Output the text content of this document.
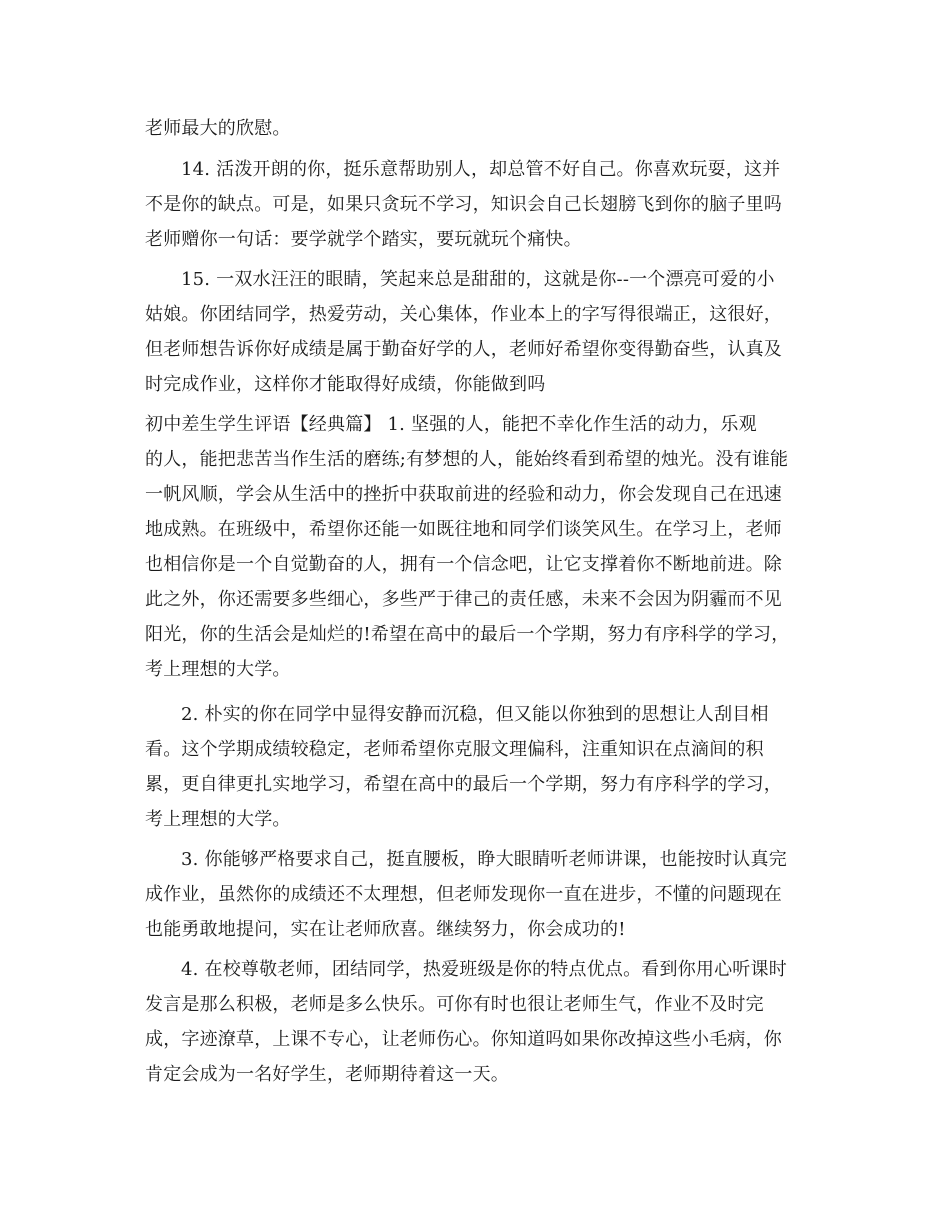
老师最大的欣慰。
14. 活泼开朗的你，挺乐意帮助别人，却总管不好自己。你喜欢玩耍，这并
不是你的缺点。可是，如果只贪玩不学习，知识会自己长翅膀飞到你的脑子里吗
老师赠你一句话：要学就学个踏实，要玩就玩个痛快。
15. 一双水汪汪的眼睛，笑起来总是甜甜的，这就是你--一个漂亮可爱的小
姑娘。你团结同学，热爱劳动，关心集体，作业本上的字写得很端正，这很好，
但老师想告诉你好成绩是属于勤奋好学的人，老师好希望你变得勤奋些，认真及
时完成作业，这样你才能取得好成绩，你能做到吗
初中差生学生评语【经典篇】 1. 坚强的人，能把不幸化作生活的动力，乐观
的人，能把悲苦当作生活的磨练;有梦想的人，能始终看到希望的烛光。没有谁能
一帆风顺，学会从生活中的挫折中获取前进的经验和动力，你会发现自己在迅速
地成熟。在班级中，希望你还能一如既往地和同学们谈笑风生。在学习上，老师
也相信你是一个自觉勤奋的人，拥有一个信念吧，让它支撑着你不断地前进。除
此之外，你还需要多些细心，多些严于律己的责任感，未来不会因为阴霾而不见
阳光，你的生活会是灿烂的!希望在高中的最后一个学期，努力有序科学的学习，
考上理想的大学。
2. 朴实的你在同学中显得安静而沉稳，但又能以你独到的思想让人刮目相
看。这个学期成绩较稳定，老师希望你克服文理偏科，注重知识在点滴间的积
累，更自律更扎实地学习，希望在高中的最后一个学期，努力有序科学的学习，
考上理想的大学。
3. 你能够严格要求自己，挺直腰板，睁大眼睛听老师讲课，也能按时认真完
成作业，虽然你的成绩还不太理想，但老师发现你一直在进步，不懂的问题现在
也能勇敢地提问，实在让老师欣喜。继续努力，你会成功的!
4. 在校尊敬老师，团结同学，热爱班级是你的特点优点。看到你用心听课时
发言是那么积极，老师是多么快乐。可你有时也很让老师生气，作业不及时完
成，字迹潦草，上课不专心，让老师伤心。你知道吗如果你改掉这些小毛病，你
肯定会成为一名好学生，老师期待着这一天。
